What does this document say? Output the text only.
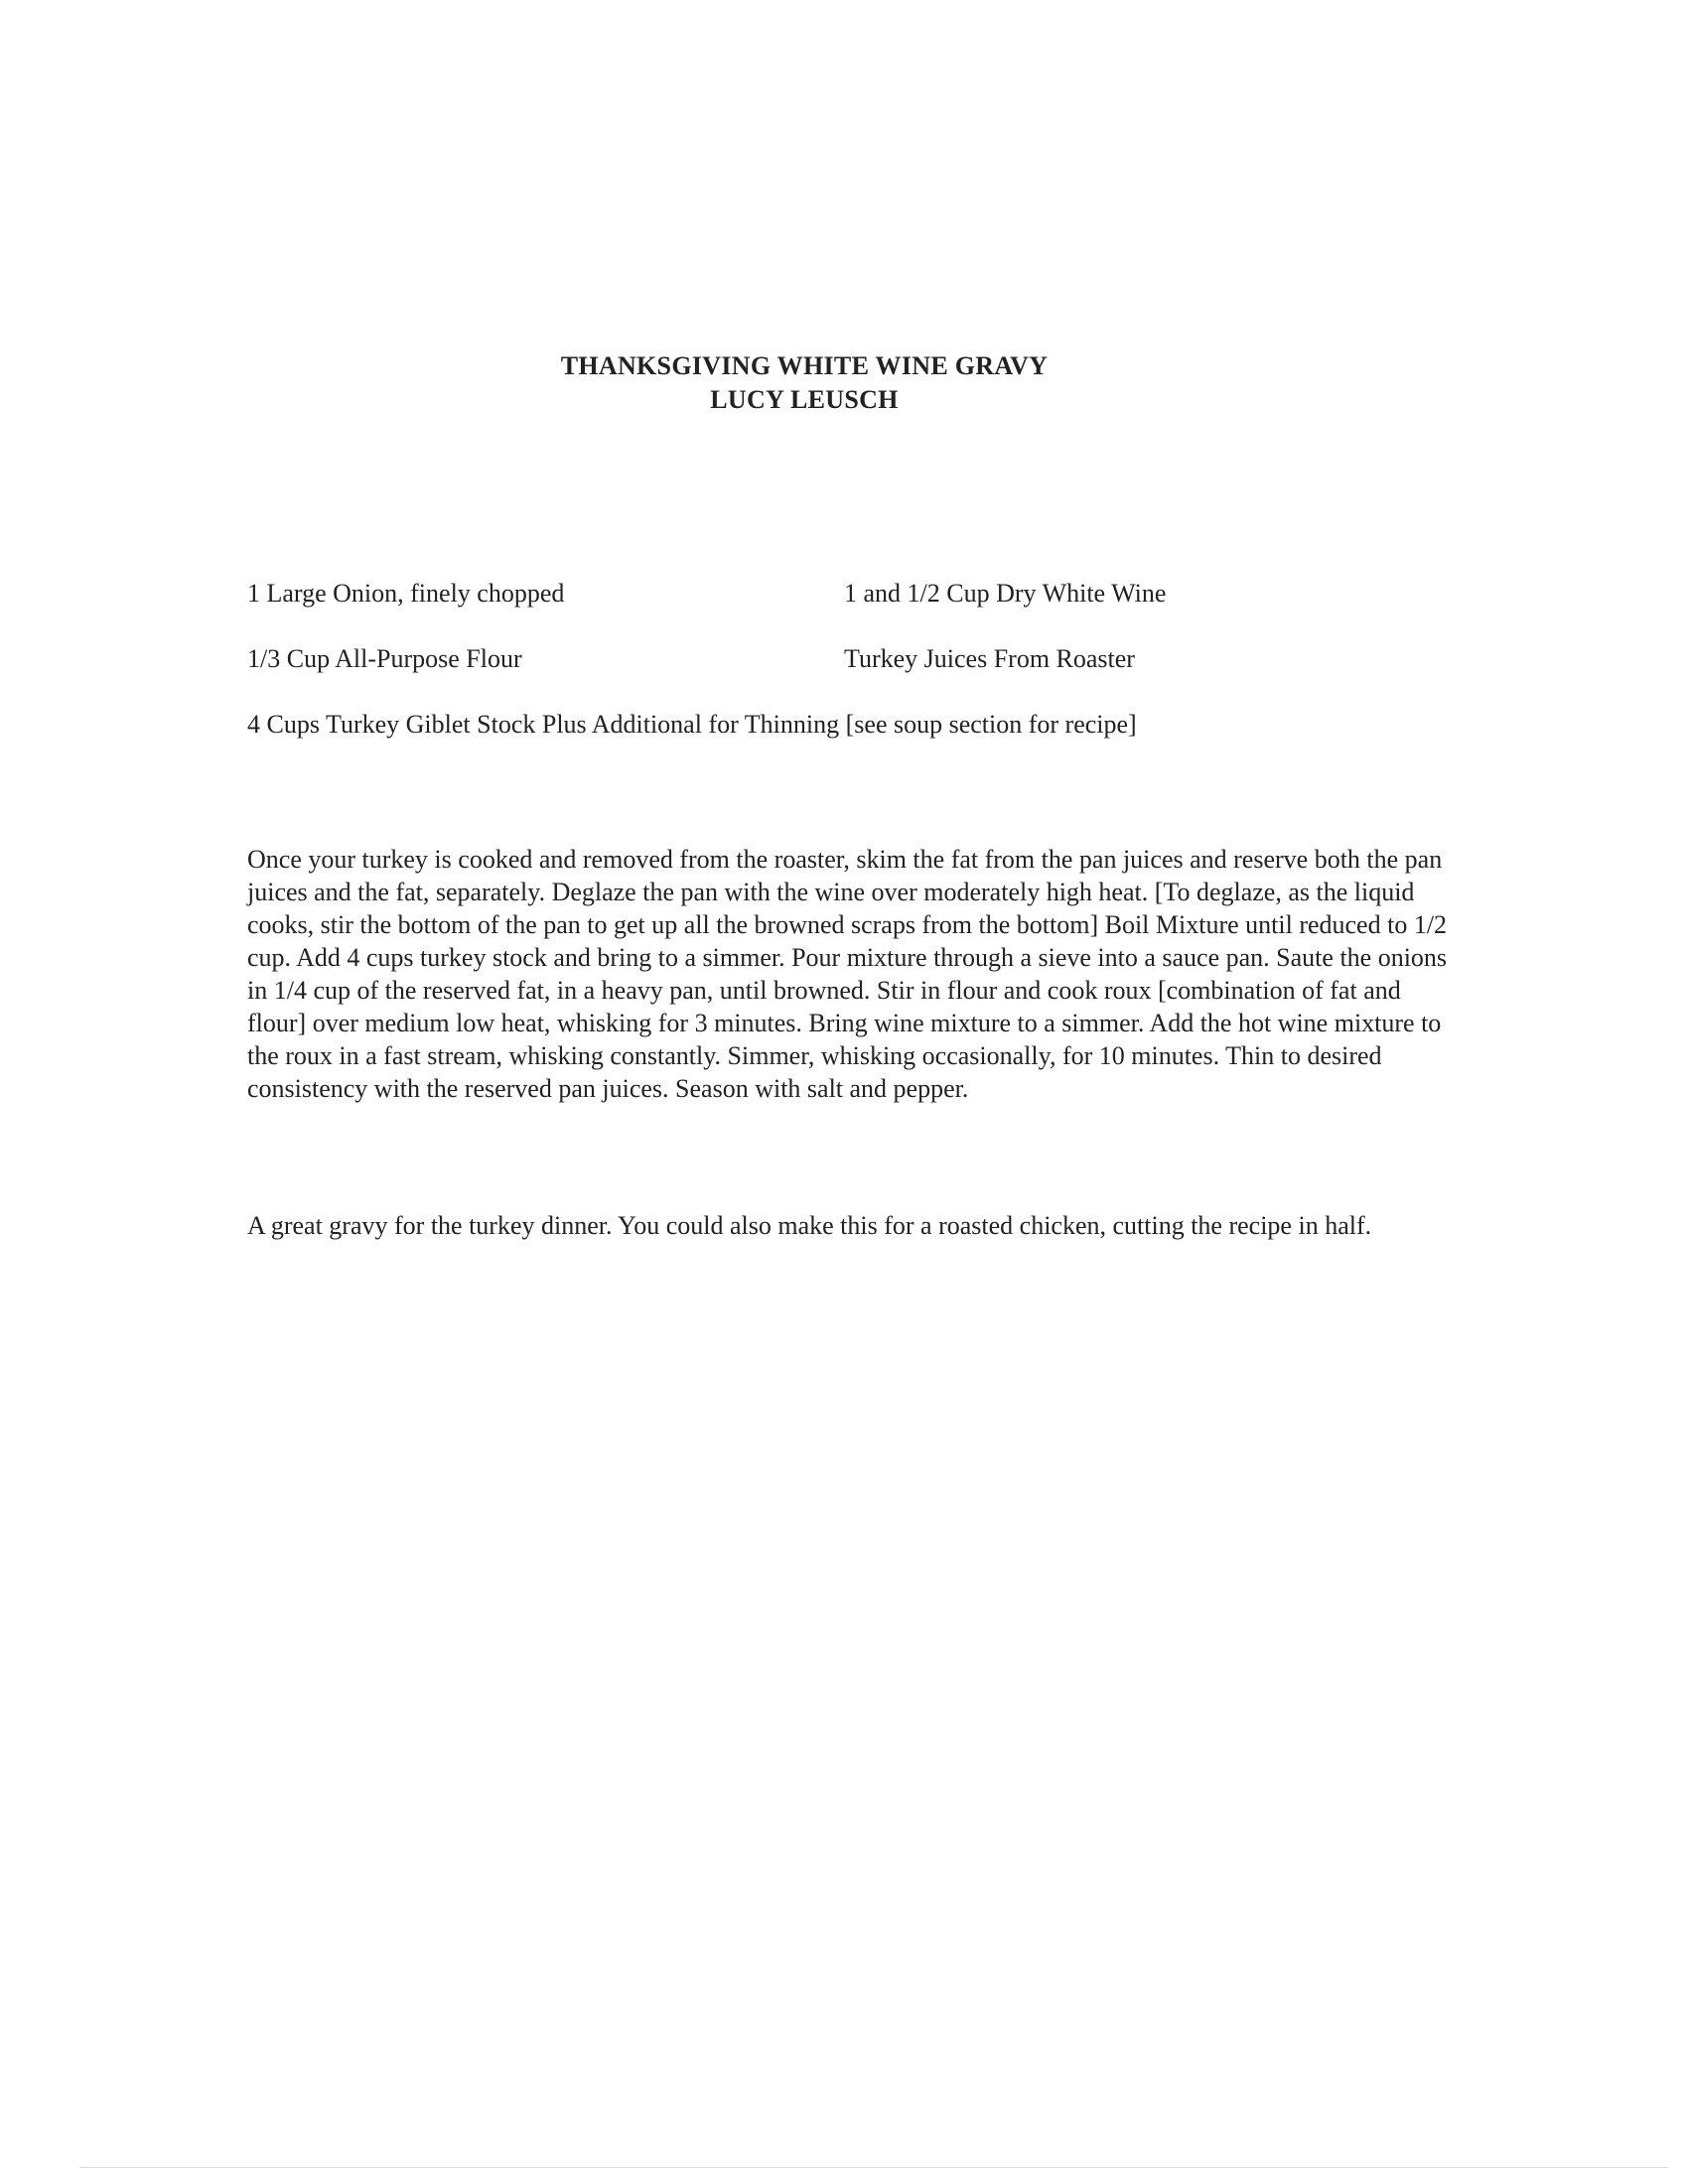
THANKSGIVING WHITE WINE GRAVY
LUCY LEUSCH
1 Large Onion, finely chopped	1 and 1/2 Cup Dry White Wine
1/3 Cup All-Purpose Flour	Turkey Juices From Roaster
4 Cups Turkey Giblet Stock Plus Additional for Thinning [see soup section for recipe]

Once your turkey is cooked and removed from the roaster, skim the fat from the pan juices and reserve both the pan juices and the fat, separately. Deglaze the pan with the wine over moderately high heat. [To deglaze, as the liquid cooks, stir the bottom of the pan to get up all the browned scraps from the bottom] Boil Mixture until reduced to 1/2 cup. Add 4 cups turkey stock and bring to a simmer. Pour mixture through a sieve into a sauce pan. Saute the onions in 1/4 cup of the reserved fat, in a heavy pan, until browned. Stir in flour and cook roux [combination of fat and flour] over medium low heat, whisking for 3 minutes. Bring wine mixture to a simmer. Add the hot wine mixture to the roux in a fast stream, whisking constantly. Simmer, whisking occasionally, for 10 minutes. Thin to desired consistency with the reserved pan juices. Season with salt and pepper.

A great gravy for the turkey dinner. You could also make this for a roasted chicken, cutting the recipe in half.
